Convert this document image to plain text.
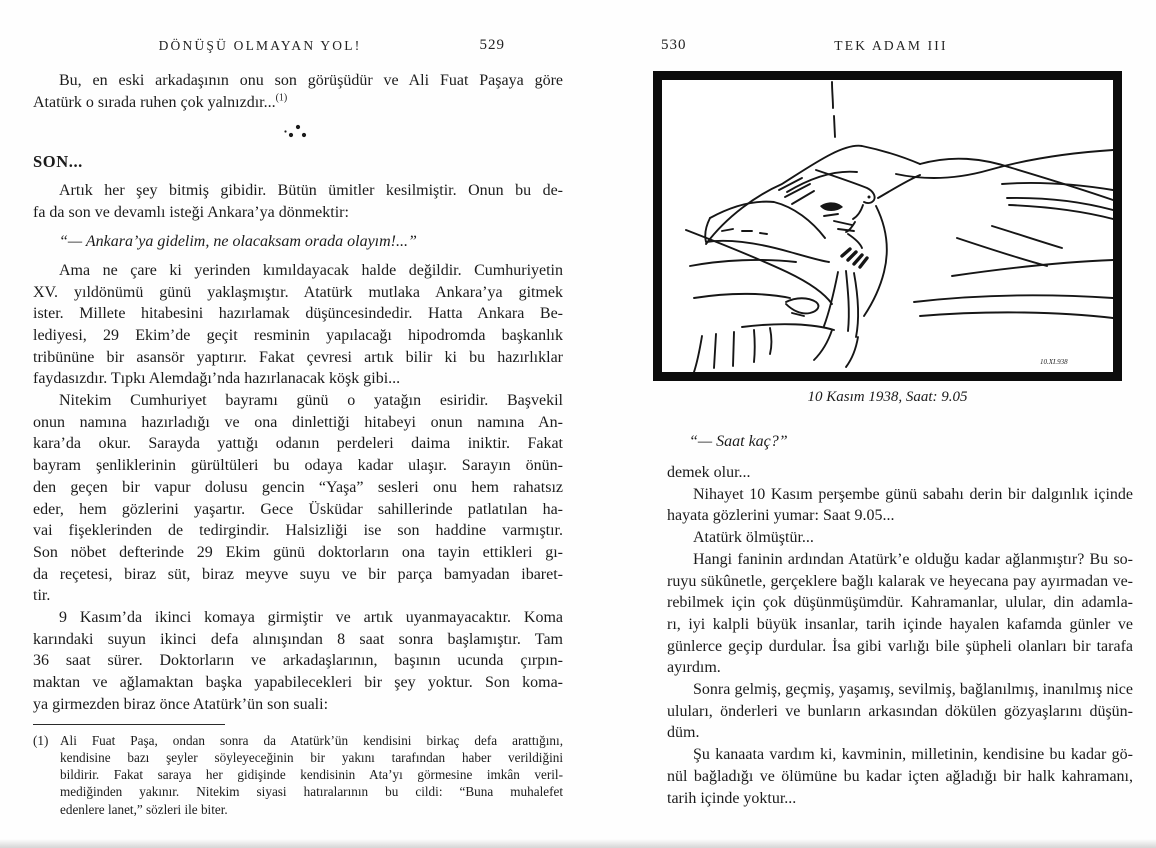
DÖNÜŞÜ OLMAYAN YOL!	529
Bu, en eski arkadaşının onu son görüşüdür ve Ali Fuat Paşaya göre
Atatürk o sırada ruhen çok yalnızdır...$^{(1)}$
SON...
Artık her şey bitmiş gibidir. Bütün ümitler kesilmiştir. Onun bu de-
fa da son ve devamlı isteği Ankara’ya dönmektir:
“— Ankara’ya gidelim, ne olacaksam orada olayım!...”
Ama ne çare ki yerinden kımıldayacak halde değildir. Cumhuriyetin
XV. yıldönümü günü yaklaşmıştır. Atatürk mutlaka Ankara’ya gitmek
ister. Millete hitabesini hazırlamak düşüncesindedir. Hatta Ankara Be-
lediyesi, 29 Ekim’de geçit resminin yapılacağı hipodromda başkanlık
tribününe bir asansör yaptırır. Fakat çevresi artık bilir ki bu hazırlıklar
faydasızdır. Tıpkı Alemdağı’nda hazırlanacak köşk gibi...
Nitekim Cumhuriyet bayramı günü o yatağın esiridir. Başvekil
onun namına hazırladığı ve ona dinlettiği hitabeyi onun namına An-
kara’da okur. Sarayda yattığı odanın perdeleri daima iniktir. Fakat
bayram şenliklerinin gürültüleri bu odaya kadar ulaşır. Sarayın önün-
den geçen bir vapur dolusu gencin “Yaşa” sesleri onu hem rahatsız
eder, hem gözlerini yaşartır. Gece Üsküdar sahillerinde patlatılan ha-
vai fişeklerinden de tedirgindir. Halsizliği ise son haddine varmıştır.
Son nöbet defterinde 29 Ekim günü doktorların ona tayin ettikleri gı-
da reçetesi, biraz süt, biraz meyve suyu ve bir parça bamyadan ibaret-
tir.
9 Kasım’da ikinci komaya girmiştir ve artık uyanmayacaktır. Koma
karındaki suyun ikinci defa alınışından 8 saat sonra başlamıştır. Tam
36 saat sürer. Doktorların ve arkadaşlarının, başının ucunda çırpın-
maktan ve ağlamaktan başka yapabilecekleri bir şey yoktur. Son koma-
ya girmezden biraz önce Atatürk’ün son suali:
(1) Ali Fuat Paşa, ondan sonra da Atatürk’ün kendisini birkaç defa arattığını,
kendisine bazı şeyler söyleyeceğinin bir yakını tarafından haber verildiğini
bildirir. Fakat saraya her gidişinde kendisinin Ata’yı görmesine imkân veril-
mediğinden yakınır. Nitekim siyasi hatıralarının bu cildi: “Buna muhalefet
edenlere lanet,” sözleri ile biter.
530	TEK ADAM III
10.XI.938
10 Kasım 1938, Saat: 9.05
“— Saat kaç?”
demek olur...
Nihayet 10 Kasım perşembe günü sabahı derin bir dalgınlık içinde
hayata gözlerini yumar: Saat 9.05...
Atatürk ölmüştür...
Hangi faninin ardından Atatürk’e olduğu kadar ağlanmıştır? Bu so-
ruyu sükûnetle, gerçeklere bağlı kalarak ve heyecana pay ayırmadan ve-
rebilmek için çok düşünmüşümdür. Kahramanlar, ulular, din adamla-
rı, iyi kalpli büyük insanlar, tarih içinde hayalen kafamda günler ve
günlerce geçip durdular. İsa gibi varlığı bile şüpheli olanları bir tarafa
ayırdım.
Sonra gelmiş, geçmiş, yaşamış, sevilmiş, bağlanılmış, inanılmış nice
uluları, önderleri ve bunların arkasından dökülen gözyaşlarını düşün-
düm.
Şu kanaata vardım ki, kavminin, milletinin, kendisine bu kadar gö-
nül bağladığı ve ölümüne bu kadar içten ağladığı bir halk kahramanı,
tarih içinde yoktur...
